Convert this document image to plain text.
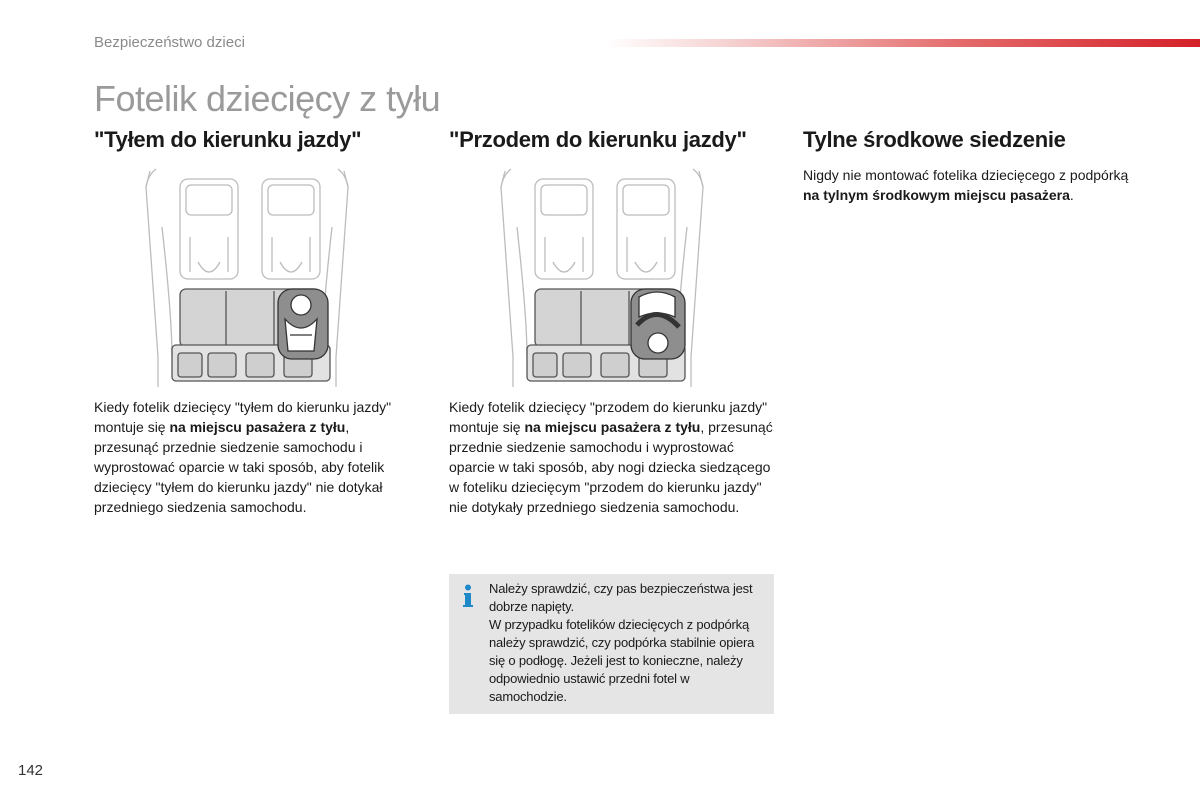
Bezpieczeństwo dzieci
Fotelik dziecięcy z tyłu
"Tyłem do kierunku jazdy"	"Przodem do kierunku jazdy"	Tylne środkowe siedzenie

Kiedy fotelik dziecięcy "tyłem do kierunku jazdy" montuje się na miejscu pasażera z tyłu, przesunąć przednie siedzenie samochodu i wyprostować oparcie w taki sposób, aby fotelik dziecięcy "tyłem do kierunku jazdy" nie dotykał przedniego siedzenia samochodu.

Kiedy fotelik dziecięcy "przodem do kierunku jazdy" montuje się na miejscu pasażera z tyłu, przesunąć przednie siedzenie samochodu i wyprostować oparcie w taki sposób, aby nogi dziecka siedzącego w foteliku dziecięcym "przodem do kierunku jazdy" nie dotykały przedniego siedzenia samochodu.

Nigdy nie montować fotelika dziecięcego z podpórką na tylnym środkowym miejscu pasażera.

Należy sprawdzić, czy pas bezpieczeństwa jest dobrze napięty.
W przypadku fotelików dziecięcych z podpórką należy sprawdzić, czy podpórka stabilnie opiera się o podłogę. Jeżeli jest to konieczne, należy odpowiednio ustawić przedni fotel w samochodzie.

142
